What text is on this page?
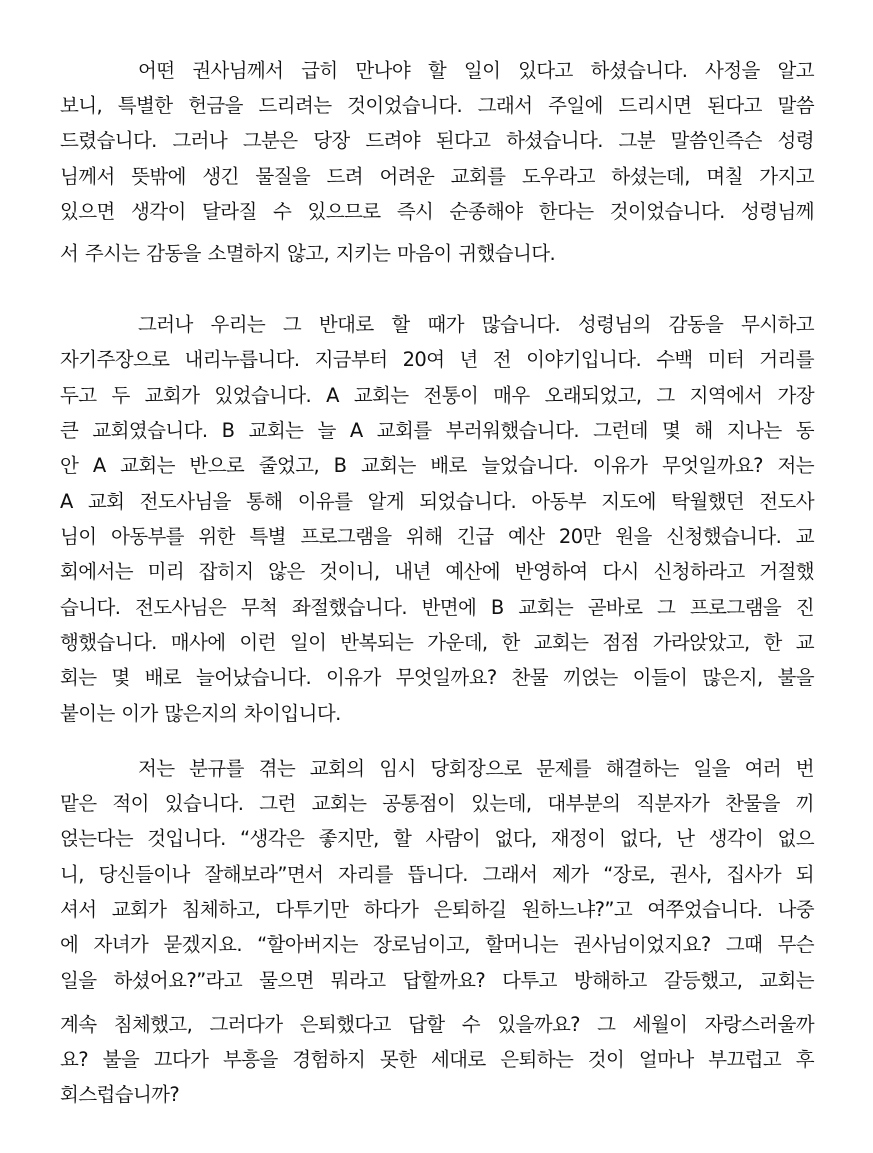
어떤 권사님께서 급히 만나야 할 일이 있다고 하셨습니다. 사정을 알고
보니, 특별한 헌금을 드리려는 것이었습니다. 그래서 주일에 드리시면 된다고 말씀
드렸습니다. 그러나 그분은 당장 드려야 된다고 하셨습니다. 그분 말씀인즉슨 성령
님께서 뜻밖에 생긴 물질을 드려 어려운 교회를 도우라고 하셨는데, 며칠 가지고
있으면 생각이 달라질 수 있으므로 즉시 순종해야 한다는 것이었습니다. 성령님께
서 주시는 감동을 소멸하지 않고, 지키는 마음이 귀했습니다.
그러나 우리는 그 반대로 할 때가 많습니다. 성령님의 감동을 무시하고
자기주장으로 내리누릅니다. 지금부터 20여 년 전 이야기입니다. 수백 미터 거리를
두고 두 교회가 있었습니다. A 교회는 전통이 매우 오래되었고, 그 지역에서 가장
큰 교회였습니다. B 교회는 늘 A 교회를 부러워했습니다. 그런데 몇 해 지나는 동
안 A 교회는 반으로 줄었고, B 교회는 배로 늘었습니다. 이유가 무엇일까요? 저는
A 교회 전도사님을 통해 이유를 알게 되었습니다. 아동부 지도에 탁월했던 전도사
님이 아동부를 위한 특별 프로그램을 위해 긴급 예산 20만 원을 신청했습니다. 교
회에서는 미리 잡히지 않은 것이니, 내년 예산에 반영하여 다시 신청하라고 거절했
습니다. 전도사님은 무척 좌절했습니다. 반면에 B 교회는 곧바로 그 프로그램을 진
행했습니다. 매사에 이런 일이 반복되는 가운데, 한 교회는 점점 가라앉았고, 한 교
회는 몇 배로 늘어났습니다. 이유가 무엇일까요? 찬물 끼얹는 이들이 많은지, 불을
붙이는 이가 많은지의 차이입니다.
저는 분규를 겪는 교회의 임시 당회장으로 문제를 해결하는 일을 여러 번
맡은 적이 있습니다. 그런 교회는 공통점이 있는데, 대부분의 직분자가 찬물을 끼
얹는다는 것입니다. “생각은 좋지만, 할 사람이 없다, 재정이 없다, 난 생각이 없으
니, 당신들이나 잘해보라”면서 자리를 뜹니다. 그래서 제가 “장로, 권사, 집사가 되
셔서 교회가 침체하고, 다투기만 하다가 은퇴하길 원하느냐?”고 여쭈었습니다. 나중
에 자녀가 묻겠지요. “할아버지는 장로님이고, 할머니는 권사님이었지요? 그때 무슨
일을 하셨어요?”라고 물으면 뭐라고 답할까요? 다투고 방해하고 갈등했고, 교회는
계속 침체했고, 그러다가 은퇴했다고 답할 수 있을까요? 그 세월이 자랑스러울까
요? 불을 끄다가 부흥을 경험하지 못한 세대로 은퇴하는 것이 얼마나 부끄럽고 후
회스럽습니까?
